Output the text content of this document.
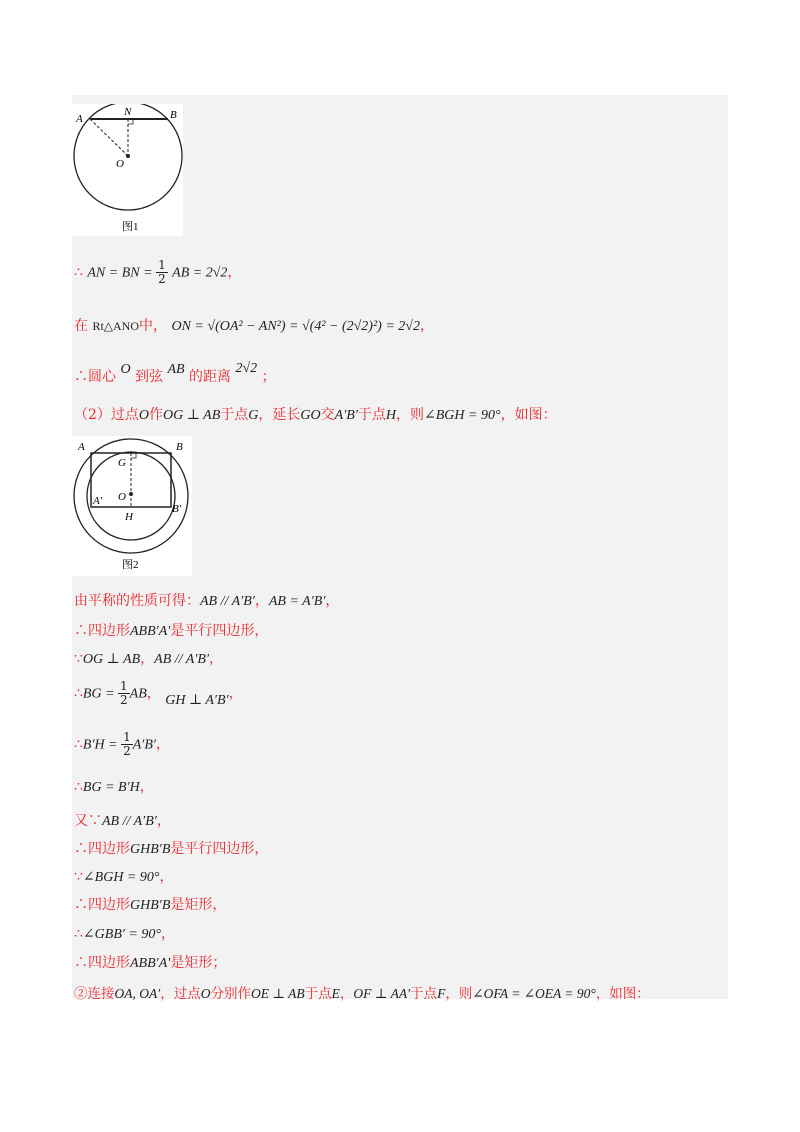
A
N	B
O
图1
∴ AN = BN = $\frac{1}{2}$ AB = 2√2，
在 Rt△ANO中， ON = √(OA² − AN²) = √(4² − (2√2)²) = 2√2，
∴圆心 O 到弦 AB 的距离 2√2 ；
（2）过点O作OG ⊥ AB于点G，延长GO交A′B′于点H，则∠BGH = 90°，如图：
A	B
G
O
A′
B′
H
图2
由平称的性质可得：AB // A′B′，AB = A′B′，
∴四边形ABB′A′是平行四边形，
∵OG ⊥ AB，AB // A′B′，
∴BG = $\frac{1}{2}$ AB， GH ⊥ A′B′，
∴B′H = $\frac{1}{2} A'B'$，
∴BG = B′H，
又∵AB // A′B′，
∴四边形GHB′B是平行四边形，
∵∠BGH = 90°，
∴四边形GHB′B是矩形，
∴∠GBB′ = 90°，
∴四边形ABB′A′是矩形；
②连接OA, OA′，过点O分别作OE ⊥ AB于点E，OF ⊥ AA′于点F，则∠OFA = ∠OEA = 90°，如图：
